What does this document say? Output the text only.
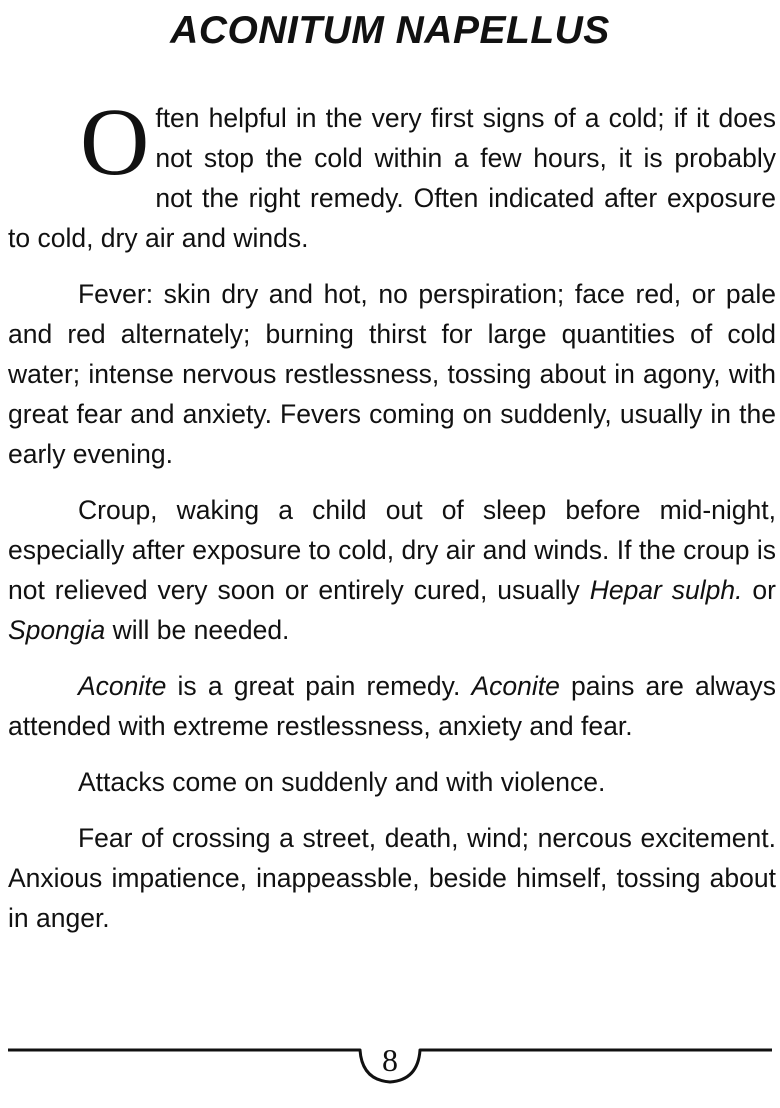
ACONITUM NAPELLUS

Often helpful in the very first signs of a cold; if it does not stop the cold within a few hours, it is probably not the right remedy. Often indicated after exposure to cold, dry air and winds.

Fever: skin dry and hot, no perspiration; face red, or pale and red alternately; burning thirst for large quantities of cold water; intense nervous restlessness, tossing about in agony, with great fear and anxiety. Fevers coming on suddenly, usually in the early evening.

Croup, waking a child out of sleep before mid-night, especially after exposure to cold, dry air and winds. If the croup is not relieved very soon or entirely cured, usually Hepar sulph. or Spongia will be needed.

Aconite is a great pain remedy. Aconite pains are always attended with extreme restlessness, anxiety and fear.

Attacks come on suddenly and with violence.

Fear of crossing a street, death, wind; nercous excitement. Anxious impatience, inappeassble, beside himself, tossing about in anger.

8
